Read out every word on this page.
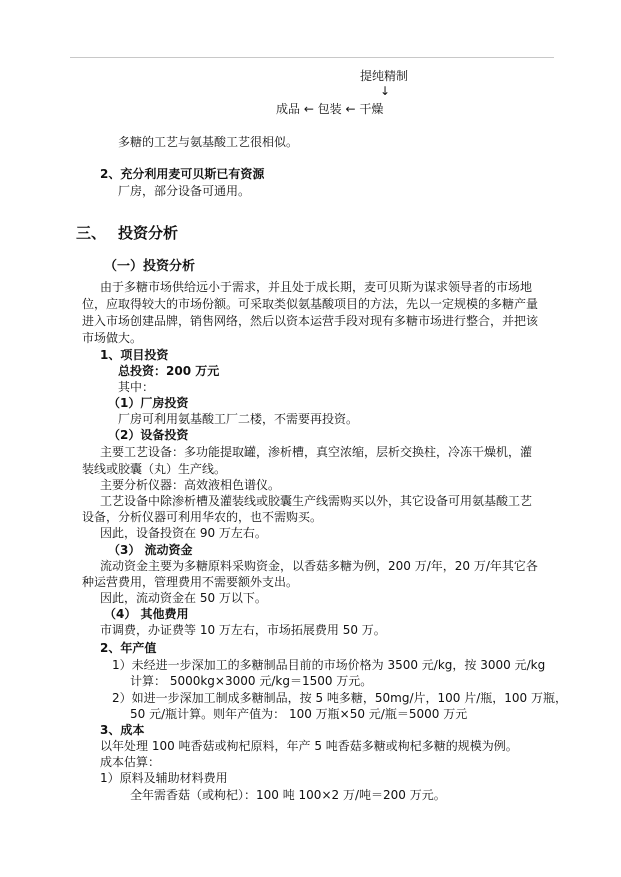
提纯精制
↓
成品 ← 包装 ← 干燥
多糖的工艺与氨基酸工艺很相似。
2、充分利用麦可贝斯已有资源
厂房，部分设备可通用。
三、 投资分析
（一）投资分析
由于多糖市场供给远小于需求，并且处于成长期，麦可贝斯为谋求领导者的市场地
位，应取得较大的市场份额。可采取类似氨基酸项目的方法，先以一定规模的多糖产量
进入市场创建品牌，销售网络，然后以资本运营手段对现有多糖市场进行整合，并把该
市场做大。
1、项目投资
总投资：200 万元
其中：
（1）厂房投资
厂房可利用氨基酸工厂二楼，不需要再投资。
（2）设备投资
主要工艺设备：多功能提取罐，渗析槽，真空浓缩，层析交换柱，冷冻干燥机，灌
装线或胶囊（丸）生产线。
主要分析仪器：高效液相色谱仪。
工艺设备中除渗析槽及灌装线或胶囊生产线需购买以外，其它设备可用氨基酸工艺
设备，分析仪器可利用华农的，也不需购买。
因此，设备投资在 90 万左右。
（3） 流动资金
流动资金主要为多糖原料采购资金，以香菇多糖为例，200 万/年，20 万/年其它各
种运营费用，管理费用不需要额外支出。
因此，流动资金在 50 万以下。
（4） 其他费用
市调费，办证费等 10 万左右，市场拓展费用 50 万。
2、年产值
1）未经进一步深加工的多糖制品目前的市场价格为 3500 元/kg，按 3000 元/kg
计算： 5000kg×3000 元/kg＝1500 万元。
2）如进一步深加工制成多糖制品，按 5 吨多糖，50mg/片，100 片/瓶，100 万瓶，
50 元/瓶计算。则年产值为： 100 万瓶×50 元/瓶＝5000 万元
3、成本
以年处理 100 吨香菇或枸杞原料，年产 5 吨香菇多糖或枸杞多糖的规模为例。
成本估算：
1）原料及辅助材料费用
全年需香菇（或枸杞）：100 吨 100×2 万/吨＝200 万元。
